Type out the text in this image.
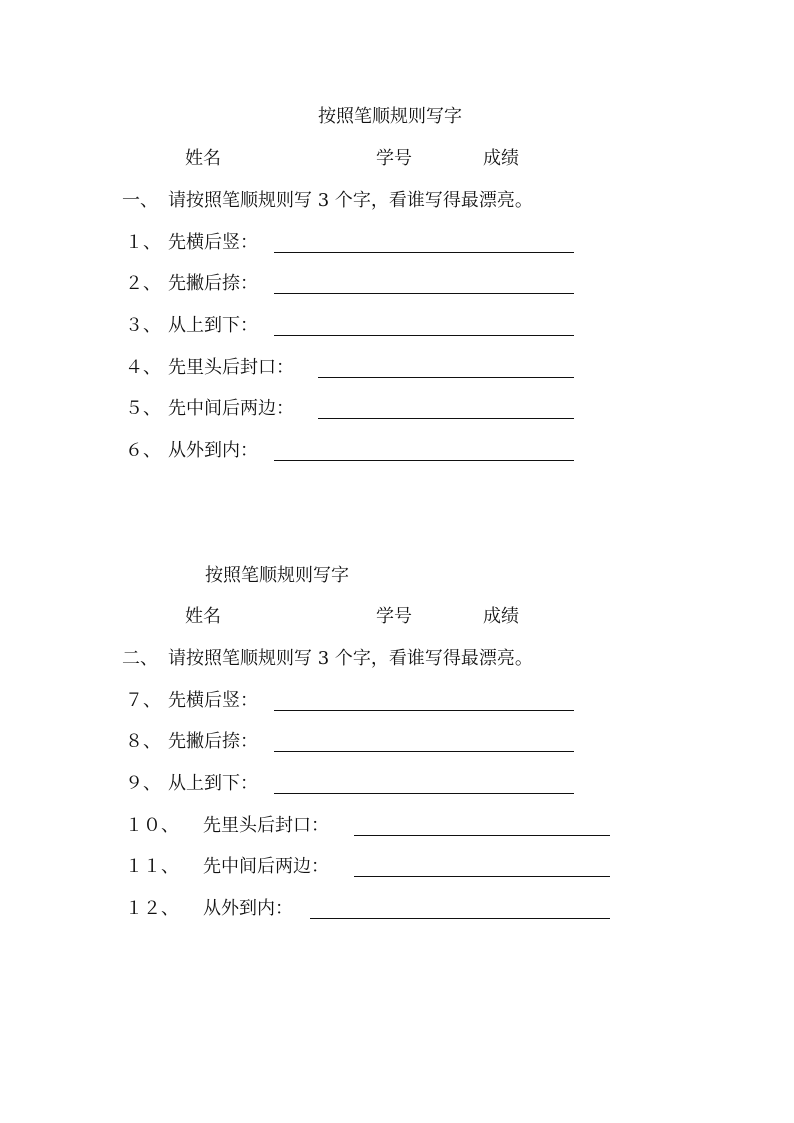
按照笔顺规则写字
姓名	学号	成绩
一、 请按照笔顺规则写 3 个字，看谁写得最漂亮。
１、 先横后竖：
２、 先撇后捺：
３、 从上到下：
４、 先里头后封口：
５、 先中间后两边：
６、 从外到内：
按照笔顺规则写字
姓名	学号	成绩
二、 请按照笔顺规则写 3 个字，看谁写得最漂亮。
７、 先横后竖：
８、 先撇后捺：
９、 从上到下：
１０、 先里头后封口：
１１、 先中间后两边：
１２、 从外到内：
